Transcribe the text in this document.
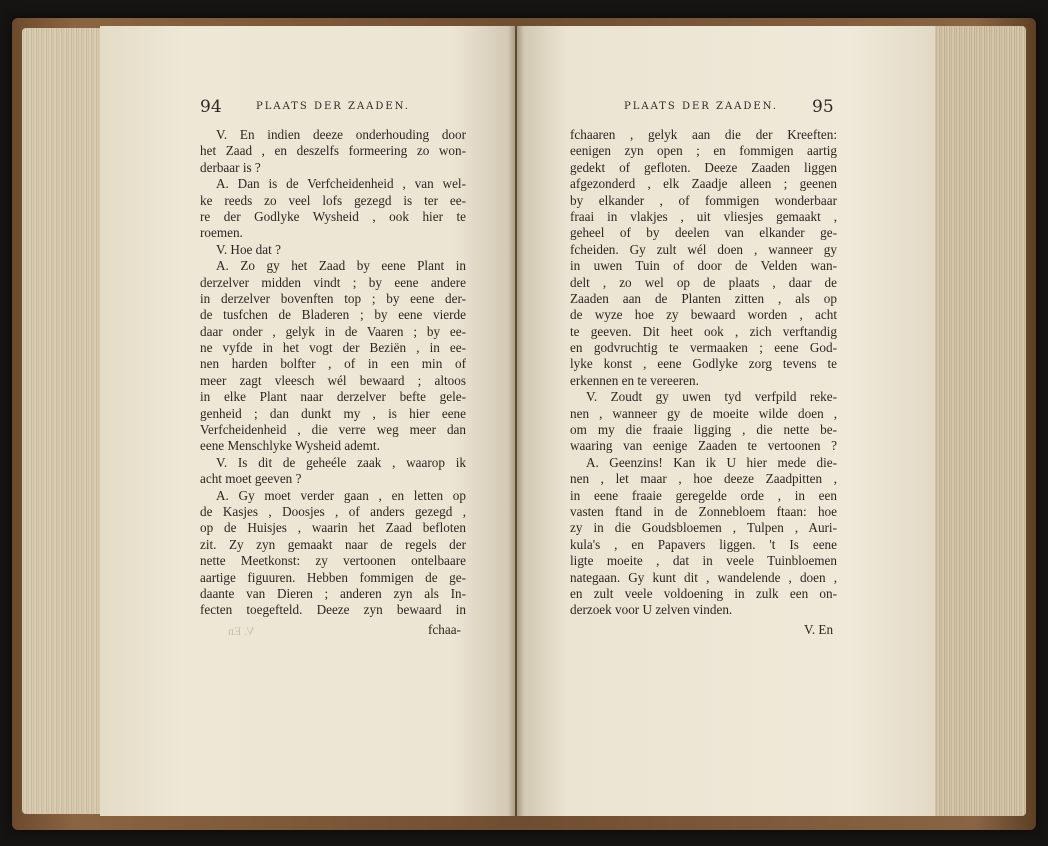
94	PLAATS DER ZAADEN.	PLAATS DER ZAADEN. 95
V. En indien deeze onderhouding door
het Zaad , en deszelfs formeering zo won-
derbaar is ?
A. Dan is de Verfcheidenheid , van wel-
ke reeds zo veel lofs gezegd is ter ee-
re der Godlyke Wysheid , ook hier te
roemen.
V. Hoe dat ?
A. Zo gy het Zaad by eene Plant in
derzelver midden vindt ; by eene andere
in derzelver bovenften top ; by eene der-
de tusfchen de Bladeren ; by eene vierde
daar onder , gelyk in de Vaaren ; by ee-
ne vyfde in het vogt der Beziën , in ee-
nen harden bolfter , of in een min of
meer zagt vleesch wél bewaard ; altoos
in elke Plant naar derzelver befte gele-
genheid ; dan dunkt my , is hier eene
Verfcheidenheid , die verre weg meer dan
eene Menschlyke Wysheid ademt.
V. Is dit de geheéle zaak , waarop ik
acht moet geeven ?
A. Gy moet verder gaan , en letten op
de Kasjes , Doosjes , of anders gezegd ,
op de Huisjes , waarin het Zaad befloten
zit. Zy zyn gemaakt naar de regels der
nette Meetkonst: zy vertoonen ontelbaare
aartige figuuren. Hebben fommigen de ge-
daante van Dieren ; anderen zyn als In-
fecten toegefteld. Deeze zyn bewaard in
fchaa-
V. En
fchaaren , gelyk aan die der Kreeften:
eenigen zyn open ; en fommigen aartig
gedekt of gefloten. Deeze Zaaden liggen
afgezonderd , elk Zaadje alleen ; geenen
by elkander , of fommigen wonderbaar
fraai in vlakjes , uit vliesjes gemaakt ,
geheel of by deelen van elkander ge-
fcheiden. Gy zult wél doen , wanneer gy
in uwen Tuin of door de Velden wan-
delt , zo wel op de plaats , daar de
Zaaden aan de Planten zitten , als op
de wyze hoe zy bewaard worden , acht
te geeven. Dit heet ook , zich verftandig
en godvruchtig te vermaaken ; eene God-
lyke konst , eene Godlyke zorg tevens te
erkennen en te vereeren.
V. Zoudt gy uwen tyd verfpild reke-
nen , wanneer gy de moeite wilde doen ,
om my die fraaie ligging , die nette be-
waaring van eenige Zaaden te vertoonen ?
A. Geenzins! Kan ik U hier mede die-
nen , let maar , hoe deeze Zaadpitten ,
in eene fraaie geregelde orde , in een
vasten ftand in de Zonnebloem ftaan: hoe
zy in die Goudsbloemen , Tulpen , Auri-
kula's , en Papavers liggen. 't Is eene
ligte moeite , dat in veele Tuinbloemen
nategaan. Gy kunt dit , wandelende , doen ,
en zult veele voldoening in zulk een on-
derzoek voor U zelven vinden.
V. En
